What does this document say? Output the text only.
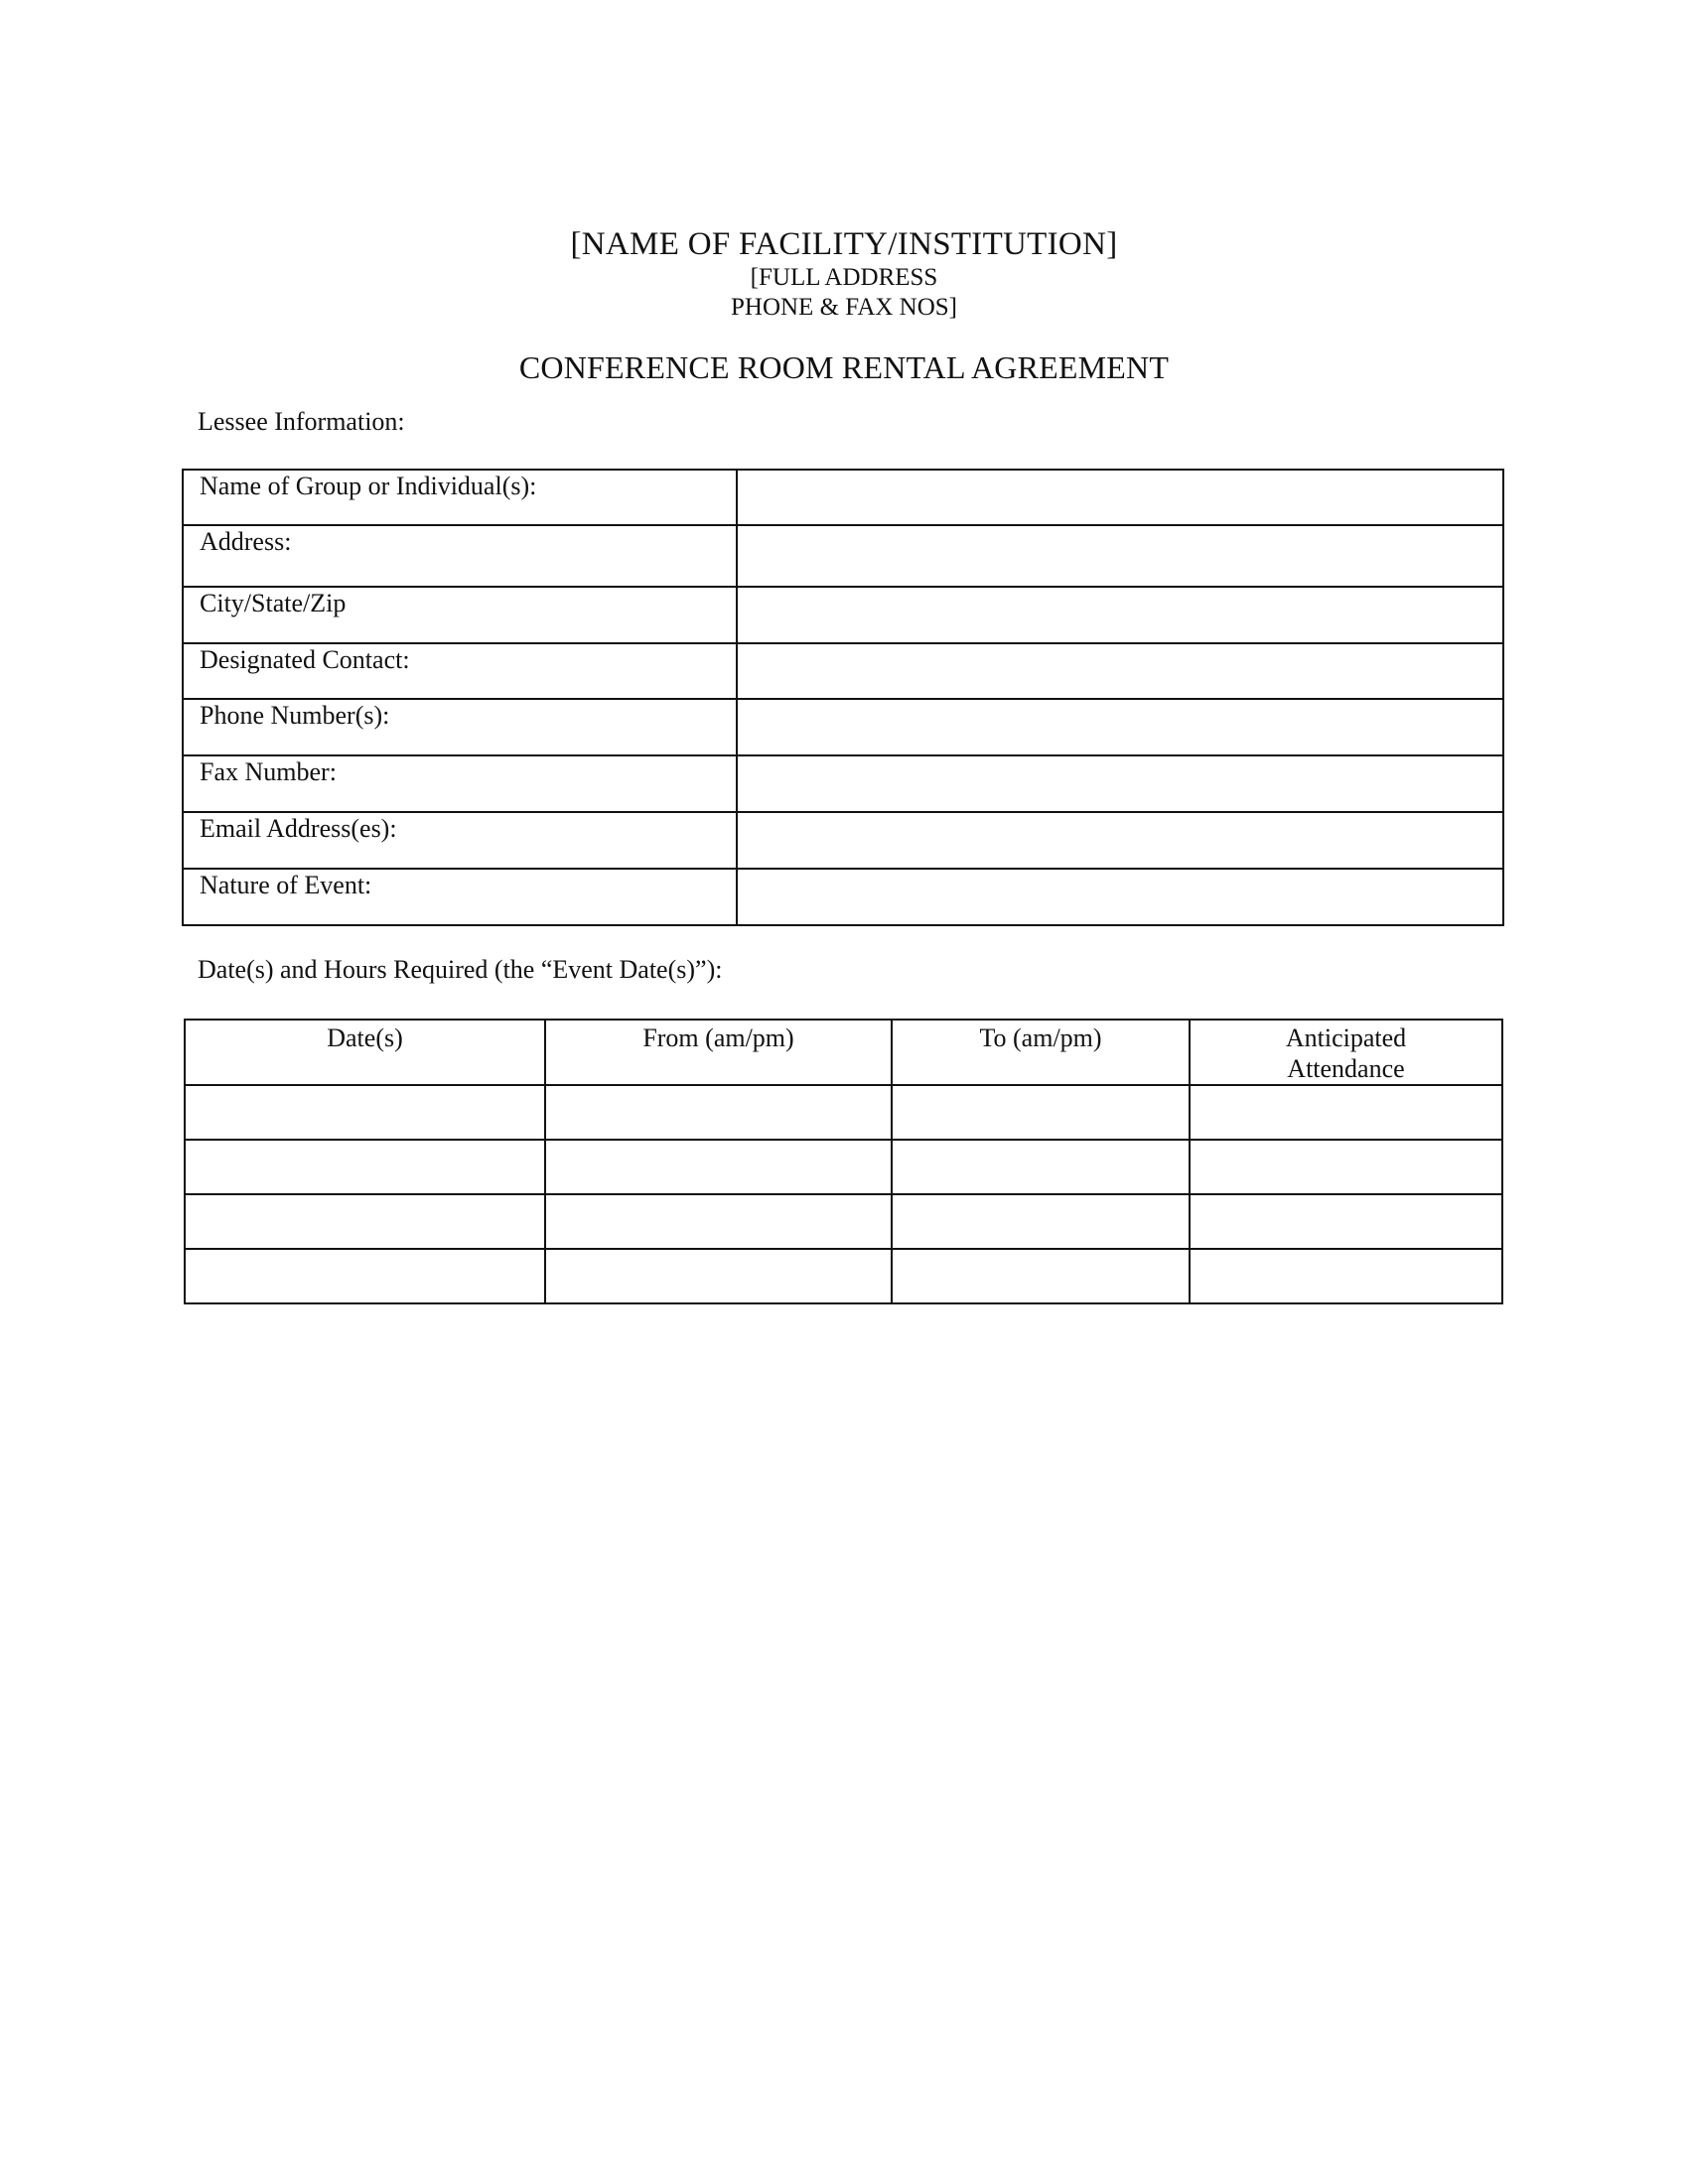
[NAME OF FACILITY/INSTITUTION]
[FULL ADDRESS
PHONE & FAX NOS]
CONFERENCE ROOM RENTAL AGREEMENT
Lessee Information:
Name of Group or Individual(s):	
Address:	
City/State/Zip	
Designated Contact:	
Phone Number(s):	
Fax Number:	
Email Address(es):	
Nature of Event:	
Date(s) and Hours Required (the “Event Date(s)”):
Date(s)	From (am/pm)	To (am/pm)	Anticipated
Attendance
